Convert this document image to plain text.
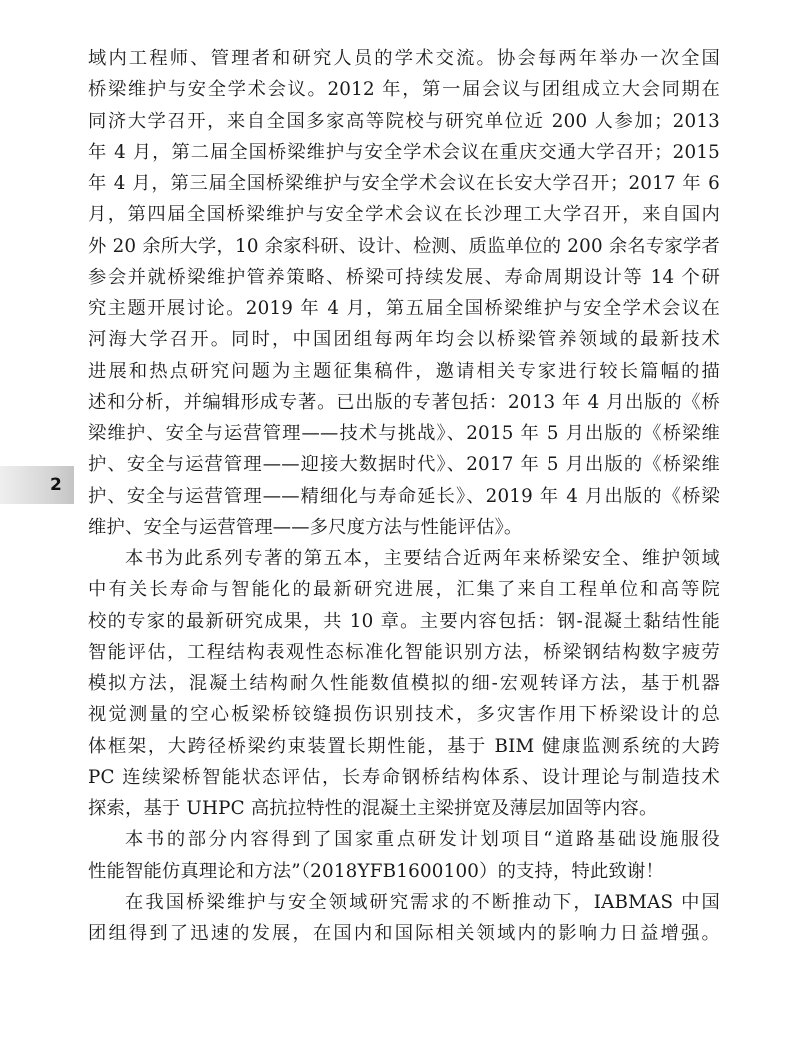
2
域内工程师、管理者和研究人员的学术交流。协会每两年举办一次全国
桥梁维护与安全学术会议。2012 年，第一届会议与团组成立大会同期在
同济大学召开，来自全国多家高等院校与研究单位近 200 人参加；2013
年 4 月，第二届全国桥梁维护与安全学术会议在重庆交通大学召开；2015
年 4 月，第三届全国桥梁维护与安全学术会议在长安大学召开；2017 年 6
月，第四届全国桥梁维护与安全学术会议在长沙理工大学召开，来自国内
外 20 余所大学，10 余家科研、设计、检测、质监单位的 200 余名专家学者
参会并就桥梁维护管养策略、桥梁可持续发展、寿命周期设计等 14 个研
究主题开展讨论。2019 年 4 月，第五届全国桥梁维护与安全学术会议在
河海大学召开。同时，中国团组每两年均会以桥梁管养领域的最新技术
进展和热点研究问题为主题征集稿件，邀请相关专家进行较长篇幅的描
述和分析，并编辑形成专著。已出版的专著包括：2013 年 4 月出版的《桥
梁维护、安全与运营管理——技术与挑战》、2015 年 5 月出版的《桥梁维
护、安全与运营管理——迎接大数据时代》、2017 年 5 月出版的《桥梁维
护、安全与运营管理——精细化与寿命延长》、2019 年 4 月出版的《桥梁
维护、安全与运营管理——多尺度方法与性能评估》。
本书为此系列专著的第五本，主要结合近两年来桥梁安全、维护领域
中有关长寿命与智能化的最新研究进展，汇集了来自工程单位和高等院
校的专家的最新研究成果，共 10 章。主要内容包括：钢-混凝土黏结性能
智能评估，工程结构表观性态标准化智能识别方法，桥梁钢结构数字疲劳
模拟方法，混凝土结构耐久性能数值模拟的细-宏观转译方法，基于机器
视觉测量的空心板梁桥铰缝损伤识别技术，多灾害作用下桥梁设计的总
体框架，大跨径桥梁约束装置长期性能，基于 BIM 健康监测系统的大跨
PC 连续梁桥智能状态评估，长寿命钢桥结构体系、设计理论与制造技术
探索，基于 UHPC 高抗拉特性的混凝土主梁拼宽及薄层加固等内容。
本书的部分内容得到了国家重点研发计划项目“道路基础设施服役
性能智能仿真理论和方法”（2018YFB1600100）的支持，特此致谢！
在我国桥梁维护与安全领域研究需求的不断推动下，IABMAS 中国
团组得到了迅速的发展，在国内和国际相关领域内的影响力日益增强。
